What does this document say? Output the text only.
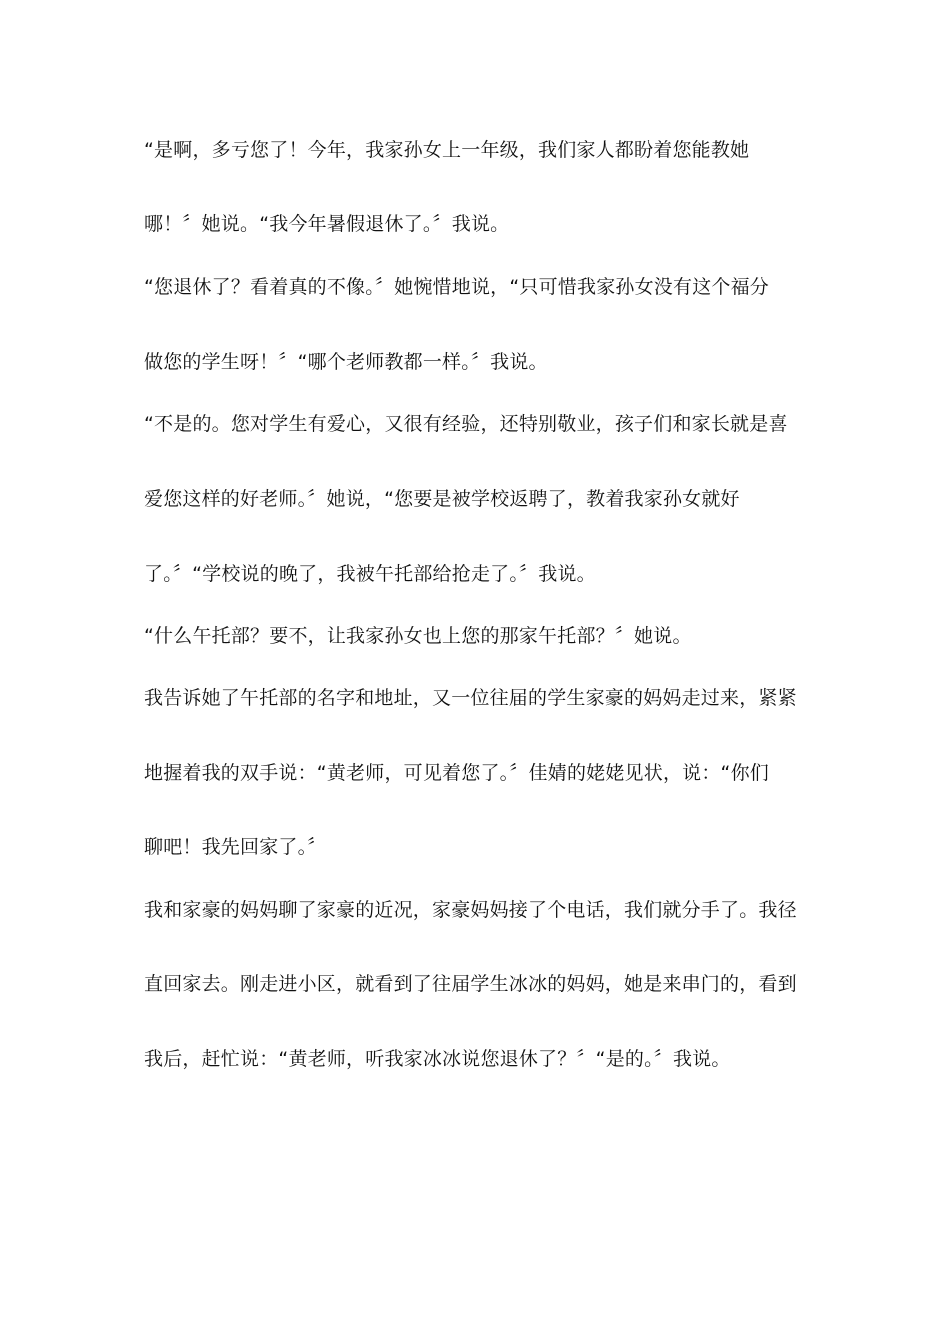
“是啊，多亏您了！今年，我家孙女上一年级，我们家人都盼着您能教她
哪！〞她说。“我今年暑假退休了。〞我说。
“您退休了？看着真的不像。〞她惋惜地说，“只可惜我家孙女没有这个福分
做您的学生呀！〞“哪个老师教都一样。〞我说。
“不是的。您对学生有爱心，又很有经验，还特别敬业，孩子们和家长就是喜
爱您这样的好老师。〞她说，“您要是被学校返聘了，教着我家孙女就好
了。〞“学校说的晚了，我被午托部给抢走了。〞我说。
“什么午托部？要不，让我家孙女也上您的那家午托部？〞她说。
我告诉她了午托部的名字和地址，又一位往届的学生家豪的妈妈走过来，紧紧
地握着我的双手说：“黄老师，可见着您了。〞佳婧的姥姥见状，说：“你们
聊吧！我先回家了。〞
我和家豪的妈妈聊了家豪的近况，家豪妈妈接了个电话，我们就分手了。我径
直回家去。刚走进小区，就看到了往届学生冰冰的妈妈，她是来串门的，看到
我后，赶忙说：“黄老师，听我家冰冰说您退休了？〞“是的。〞我说。
